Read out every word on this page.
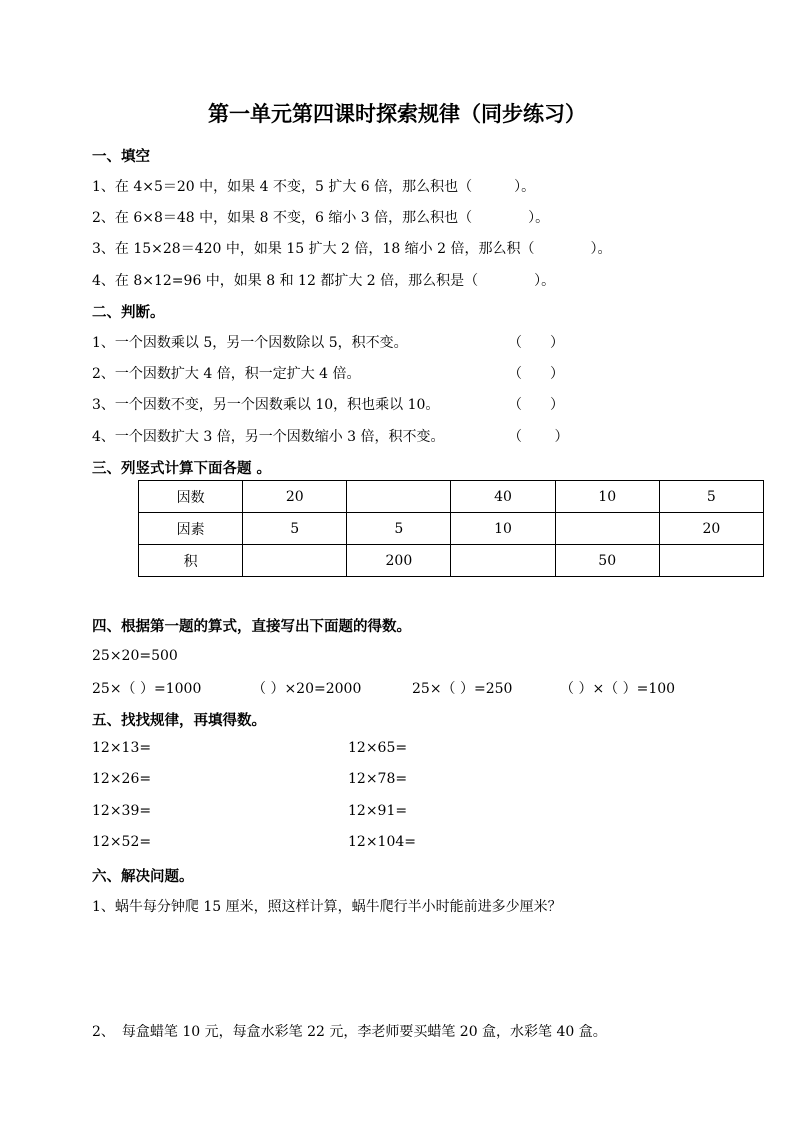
第一单元第四课时探索规律（同步练习）
一、填空
1、在 4×5＝20 中，如果 4 不变，5 扩大 6 倍，那么积也（　　　）。
2、在 6×8＝48 中，如果 8 不变，6 缩小 3 倍，那么积也（　　　　）。
3、在 15×28＝420 中，如果 15 扩大 2 倍，18 缩小 2 倍，那么积（　　　　）。
4、在 8×12=96 中，如果 8 和 12 都扩大 2 倍，那么积是（　　　　）。
二、判断。
1、一个因数乘以 5，另一个因数除以 5，积不变。	（　　）
2、一个因数扩大 4 倍，积一定扩大 4 倍。	（　　）
3、一个因数不变，另一个因数乘以 10，积也乘以 10。	（　　）
4、一个因数扩大 3 倍，另一个因数缩小 3 倍，积不变。	（　　 ）
三、列竖式计算下面各题 。
因数	20		40	10	5
因素	5	5	10		20
积		200		50	
四、根据第一题的算式，直接写出下面题的得数。
25×20=500
25×（ ）=1000	（ ）×20=2000	25×（ ）=250	（ ）×（ ）=100
五、找找规律，再填得数。
12×13=
12×26=
12×39=
12×52=
12×65=
12×78=
12×91=
12×104=
六、解决问题。
1、蜗牛每分钟爬 15 厘米，照这样计算，蜗牛爬行半小时能前进多少厘米？
2、　每盒蜡笔 10 元，每盒水彩笔 22 元，李老师要买蜡笔 20 盒，水彩笔 40 盒。
